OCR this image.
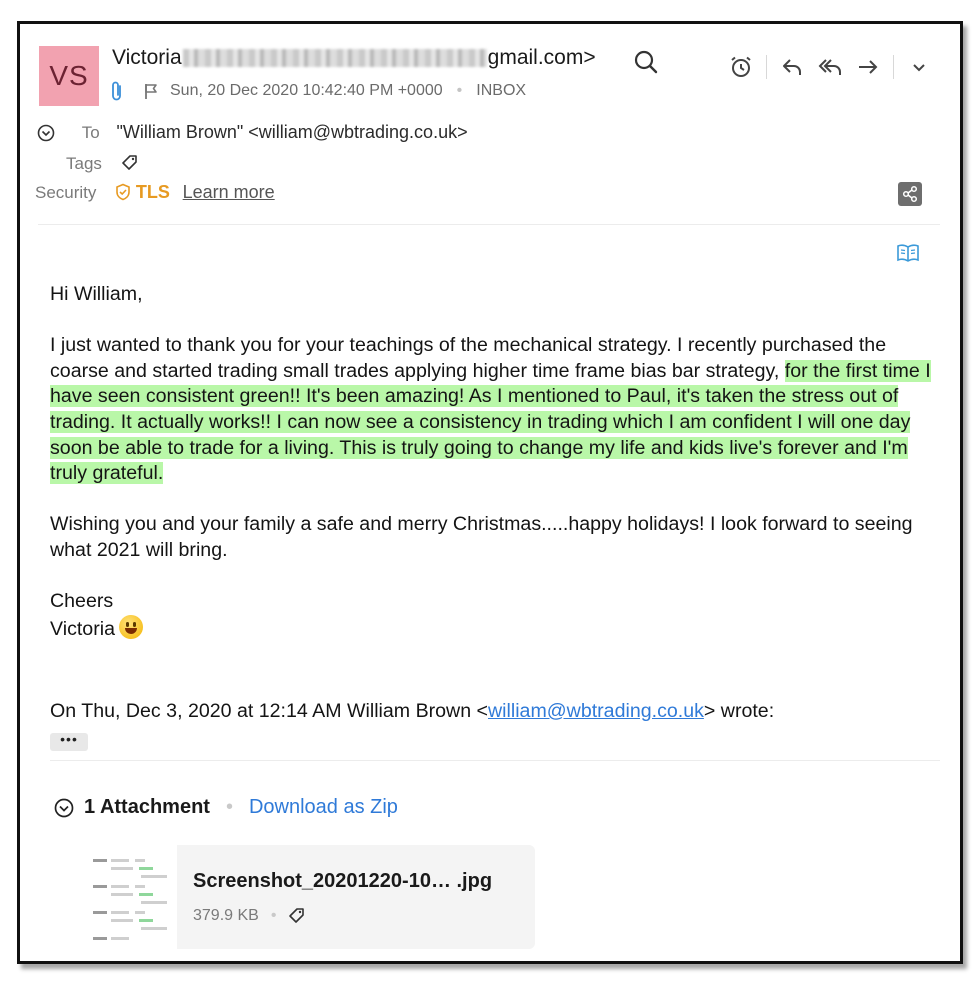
VS
Victoria	gmail.com>
Sun, 20 Dec 2020 10:42:40 PM +0000 • INBOX
To "William Brown" <william@wbtrading.co.uk>
Tags
Security TLS Learn more

Hi William,

I just wanted to thank you for your teachings of the mechanical strategy. I recently purchased the coarse and started trading small trades applying higher time frame bias bar strategy, for the first time I have seen consistent green!! It's been amazing! As I mentioned to Paul, it's taken the stress out of trading. It actually works!! I can now see a consistency in trading which I am confident I will one day soon be able to trade for a living. This is truly going to change my life and kids live's forever and I'm truly grateful.

Wishing you and your family a safe and merry Christmas.....happy holidays! I look forward to seeing what 2021 will bring.

Cheers

Victoria

On Thu, Dec 3, 2020 at 12:14 AM William Brown <william@wbtrading.co.uk> wrote:
•••
1 Attachment • Download as Zip
Screenshot_20201220-10… .jpg
379.9 KB •
